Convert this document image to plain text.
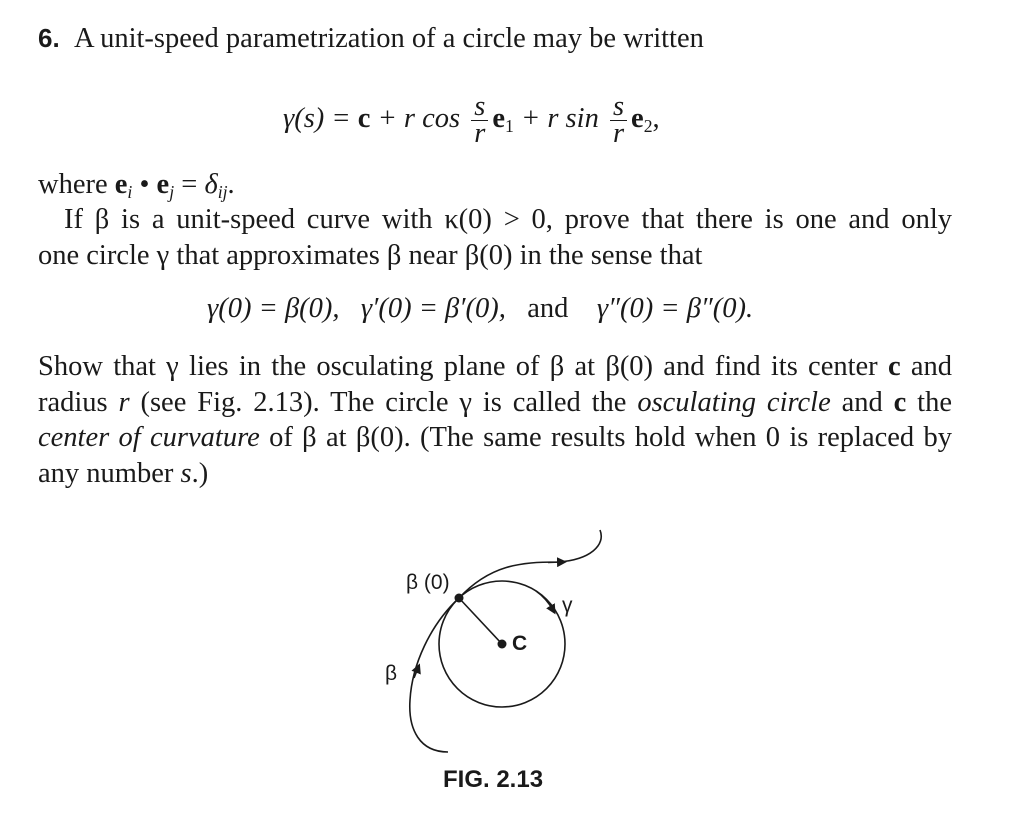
6. A unit-speed parametrization of a circle may be written
γ(s) = c + r $\cos \frac{s}{r} e_1 + r$ $\sin \frac{s}{r} e_2$,
where $e_i$ • $e_j = \delta_{ij}$.
If β is a unit-speed curve with κ(0) > 0, prove that there is one and only
one circle γ that approximates β near β(0) in the sense that
γ(0) = β(0), γ′(0) = β′(0), and γ″(0) = β″(0).
Show that γ lies in the osculating plane of β at β(0) and find its center c and
radius r (see Fig. 2.13). The circle γ is called the osculating circle and c the
center of curvature of β at β(0). (The same results hold when 0 is replaced by
any number s.)
β (0)
γ
C
β
FIG. 2.13
